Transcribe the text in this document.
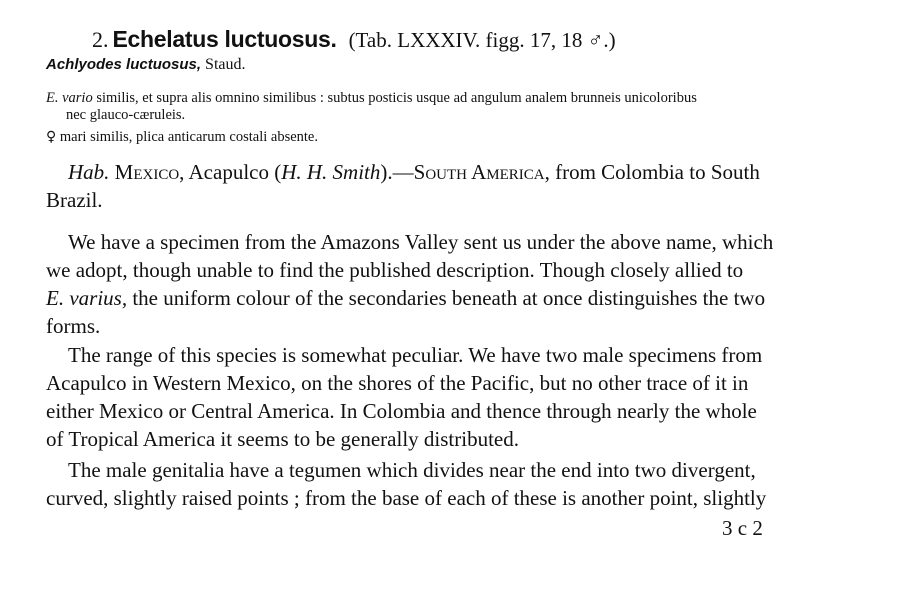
2. Echelatus luctuosus. (Tab. LXXXIV. figg. 17, 18 ♂.)
Achlyodes luctuosus, Staud.
E. vario similis, et supra alis omnino similibus : subtus posticis usque ad angulum analem brunneis unicoloribus
nec glauco-cæruleis.
♀ mari similis, plica anticarum costali absente.
Hab. Mexico, Acapulco (H. H. Smith).—South America, from Colombia to South
Brazil.
We have a specimen from the Amazons Valley sent us under the above name, which
we adopt, though unable to find the published description. Though closely allied to
E. varius, the uniform colour of the secondaries beneath at once distinguishes the two
forms.
The range of this species is somewhat peculiar. We have two male specimens from
Acapulco in Western Mexico, on the shores of the Pacific, but no other trace of it in
either Mexico or Central America. In Colombia and thence through nearly the whole
of Tropical America it seems to be generally distributed.
The male genitalia have a tegumen which divides near the end into two divergent,
curved, slightly raised points ; from the base of each of these is another point, slightly
3 c 2
